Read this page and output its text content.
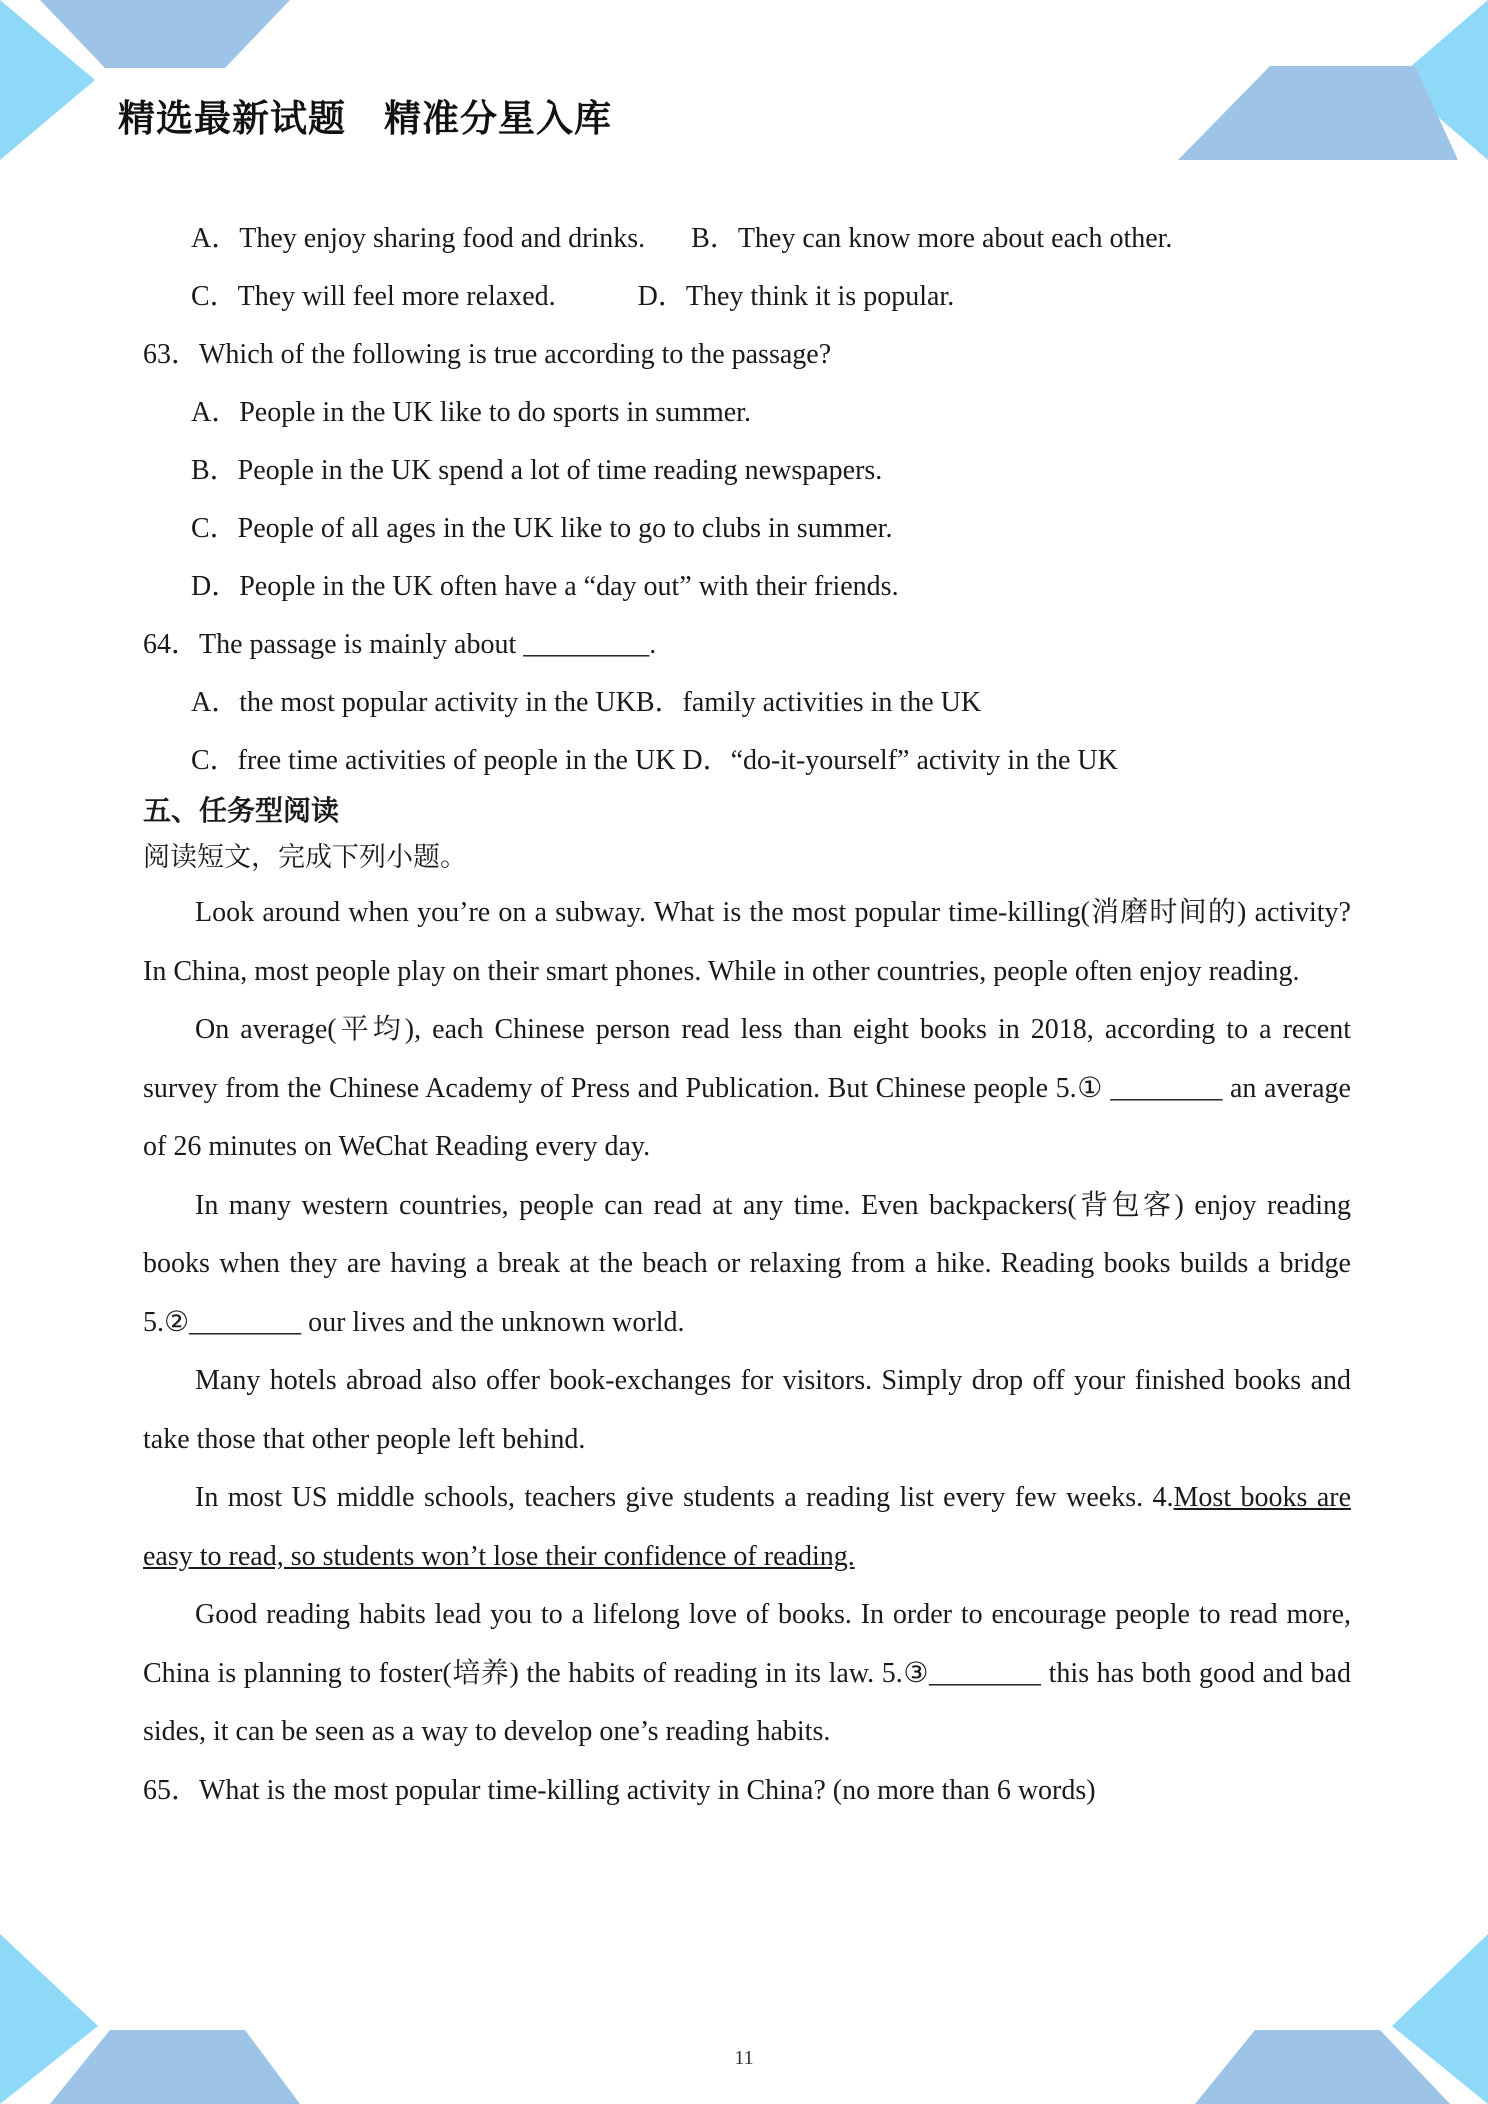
精选最新试题　精准分星入库
A．They enjoy sharing food and drinks. B．They can know more about each other.
C．They will feel more relaxed.	D．They think it is popular.
63．Which of the following is true according to the passage?
A．People in the UK like to do sports in summer.
B．People in the UK spend a lot of time reading newspapers.
C．People of all ages in the UK like to go to clubs in summer.
D．People in the UK often have a “day out” with their friends.
64．The passage is mainly about _________.
A．the most popular activity in the UKB．family activities in the UK
C．free time activities of people in the UK D．“do-it-yourself” activity in the UK
五、任务型阅读
阅读短文，完成下列小题。

Look around when you’re on a subway. What is the most popular time-killing(消磨时间的) activity? In China, most people play on their smart phones. While in other countries, people often enjoy reading.

On average(平均), each Chinese person read less than eight books in 2018, according to a recent survey from the Chinese Academy of Press and Publication. But Chinese people 5.① ________ an average of 26 minutes on WeChat Reading every day.

In many western countries, people can read at any time. Even backpackers(背包客) enjoy reading books when they are having a break at the beach or relaxing from a hike. Reading books builds a bridge 5.②________ our lives and the unknown world.

Many hotels abroad also offer book-exchanges for visitors. Simply drop off your finished books and take those that other people left behind.

In most US middle schools, teachers give students a reading list every few weeks. 4.Most books are easy to read, so students won’t lose their confidence of reading.

Good reading habits lead you to a lifelong love of books. In order to encourage people to read more, China is planning to foster(培养) the habits of reading in its law. 5.③________ this has both good and bad sides, it can be seen as a way to develop one’s reading habits.

65．What is the most popular time-killing activity in China? (no more than 6 words)
11
